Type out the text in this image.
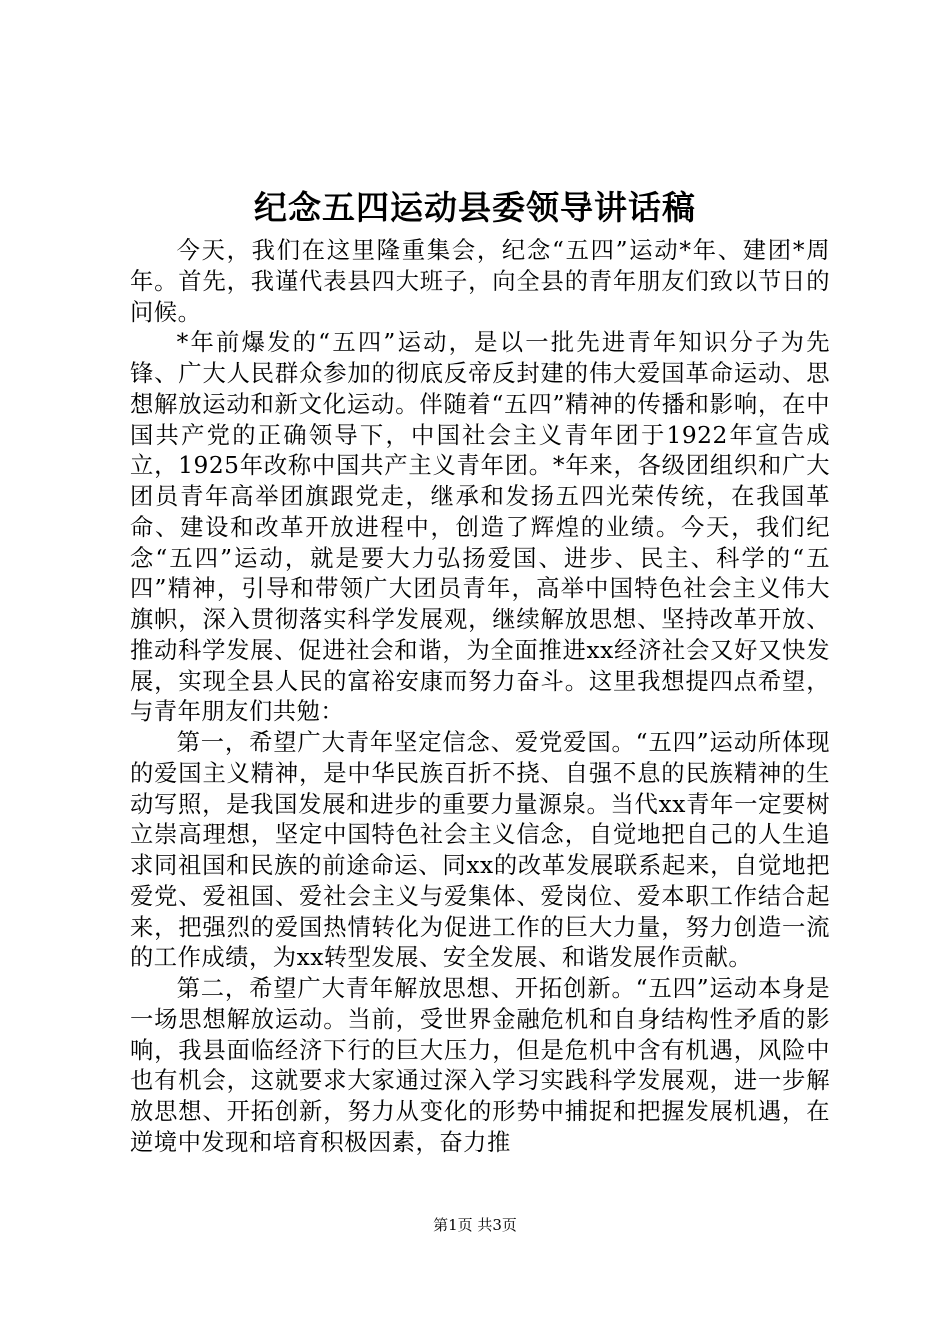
纪念五四运动县委领导讲话稿

今天，我们在这里隆重集会，纪念“五四”运动*年、建团*周年。首先，我谨代表县四大班子，向全县的青年朋友们致以节日的问候。

*年前爆发的“五四”运动，是以一批先进青年知识分子为先锋、广大人民群众参加的彻底反帝反封建的伟大爱国革命运动、思想解放运动和新文化运动。伴随着“五四”精神的传播和影响，在中国共产党的正确领导下，中国社会主义青年团于1922年宣告成立，1925年改称中国共产主义青年团。*年来，各级团组织和广大团员青年高举团旗跟党走，继承和发扬五四光荣传统，在我国革命、建设和改革开放进程中，创造了辉煌的业绩。今天，我们纪念“五四”运动，就是要大力弘扬爱国、进步、民主、科学的“五四”精神，引导和带领广大团员青年，高举中国特色社会主义伟大旗帜，深入贯彻落实科学发展观，继续解放思想、坚持改革开放、推动科学发展、促进社会和谐，为全面推进xx经济社会又好又快发展，实现全县人民的富裕安康而努力奋斗。这里我想提四点希望，与青年朋友们共勉：

第一，希望广大青年坚定信念、爱党爱国。“五四”运动所体现的爱国主义精神，是中华民族百折不挠、自强不息的民族精神的生动写照，是我国发展和进步的重要力量源泉。当代xx青年一定要树立崇高理想，坚定中国特色社会主义信念，自觉地把自己的人生追求同祖国和民族的前途命运、同xx的改革发展联系起来，自觉地把爱党、爱祖国、爱社会主义与爱集体、爱岗位、爱本职工作结合起来，把强烈的爱国热情转化为促进工作的巨大力量，努力创造一流的工作成绩，为xx转型发展、安全发展、和谐发展作贡献。

第二，希望广大青年解放思想、开拓创新。“五四”运动本身是一场思想解放运动。当前，受世界金融危机和自身结构性矛盾的影响，我县面临经济下行的巨大压力，但是危机中含有机遇，风险中也有机会，这就要求大家通过深入学习实践科学发展观，进一步解放思想、开拓创新，努力从变化的形势中捕捉和把握发展机遇，在逆境中发现和培育积极因素，奋力推

第1页 共3页
